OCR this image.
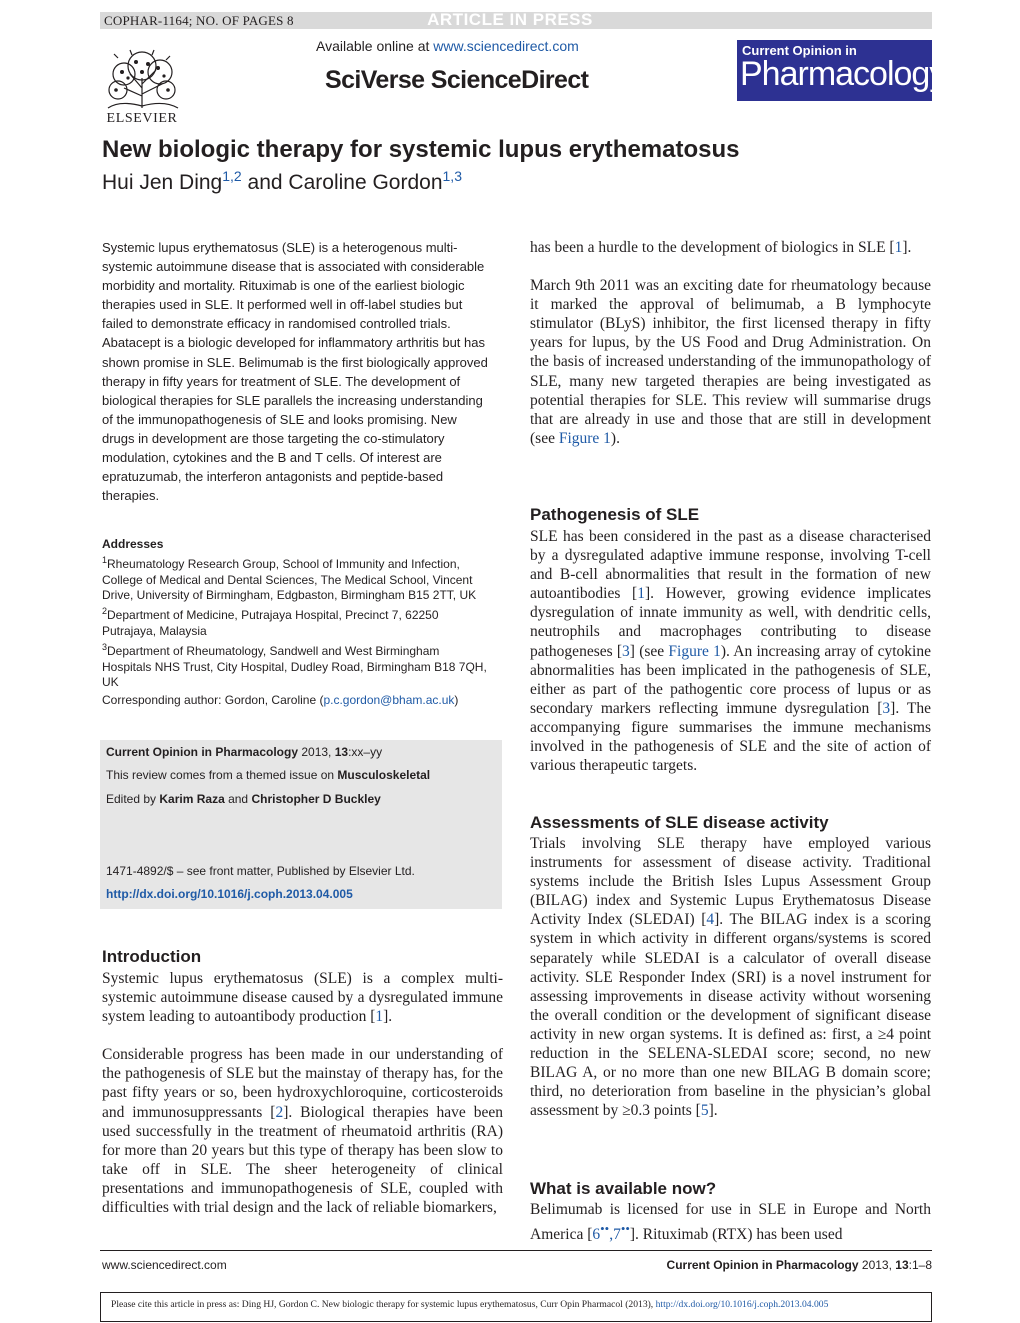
COPHAR-1164; NO. OF PAGES 8	ARTICLE IN PRESS
ELSEVIER
Available online at www.sciencedirect.com
SciVerse ScienceDirect
Current Opinion in
Pharmacology
New biologic therapy for systemic lupus erythematosus
Hui Jen Ding$^{1,2}$ and Caroline Gordon$^{1,3}$

Systemic lupus erythematosus (SLE) is a heterogenous multi-systemic autoimmune disease that is associated with considerable morbidity and mortality. Rituximab is one of the earliest biologic therapies used in SLE. It performed well in off-label studies but failed to demonstrate efficacy in randomised controlled trials. Abatacept is a biologic developed for inflammatory arthritis but has shown promise in SLE. Belimumab is the first biologically approved therapy in fifty years for treatment of SLE. The development of biological therapies for SLE parallels the increasing understanding of the immunopathogenesis of SLE and looks promising. New drugs in development are those targeting the co-stimulatory modulation, cytokines and the B and T cells. Of interest are epratuzumab, the interferon antagonists and peptide-based therapies.

Addresses

$^1$Rheumatology Research Group, School of Immunity and Infection, College of Medical and Dental Sciences, The Medical School, Vincent Drive, University of Birmingham, Edgbaston, Birmingham B15 2TT, UK

$^2$Department of Medicine, Putrajaya Hospital, Precinct 7, 62250 Putrajaya, Malaysia

$^3$Department of Rheumatology, Sandwell and West Birmingham Hospitals NHS Trust, City Hospital, Dudley Road, Birmingham B18 7QH, UK

Corresponding author: Gordon, Caroline (p.c.gordon@bham.ac.uk)
Current Opinion in Pharmacology 2013, 13:xx–yy
This review comes from a themed issue on Musculoskeletal
Edited by Karim Raza and Christopher D Buckley
1471-4892/$ – see front matter, Published by Elsevier Ltd.
http://dx.doi.org/10.1016/j.coph.2013.04.005
Introduction

Systemic lupus erythematosus (SLE) is a complex multi-systemic autoimmune disease caused by a dysregulated immune system leading to autoantibody production [1].

Considerable progress has been made in our understanding of the pathogenesis of SLE but the mainstay of therapy has, for the past fifty years or so, been hydroxychloroquine, corticosteroids and immunosuppressants [2]. Biological therapies have been used successfully in the treatment of rheumatoid arthritis (RA) for more than 20 years but this type of therapy has been slow to take off in SLE. The sheer heterogeneity of clinical presentations and immunopathogenesis of SLE, coupled with difficulties with trial design and the lack of reliable biomarkers,

has been a hurdle to the development of biologics in SLE [1].

March 9th 2011 was an exciting date for rheumatology because it marked the approval of belimumab, a B lymphocyte stimulator (BLyS) inhibitor, the first licensed therapy in fifty years for lupus, by the US Food and Drug Administration. On the basis of increased understanding of the immunopathology of SLE, many new targeted therapies are being investigated as potential therapies for SLE. This review will summarise drugs that are already in use and those that are still in development (see Figure 1).

Pathogenesis of SLE

SLE has been considered in the past as a disease characterised by a dysregulated adaptive immune response, involving T-cell and B-cell abnormalities that result in the formation of new autoantibodies [1]. However, growing evidence implicates dysregulation of innate immunity as well, with dendritic cells, neutrophils and macrophages contributing to disease pathogeneses [3] (see Figure 1). An increasing array of cytokine abnormalities has been implicated in the pathogenesis of SLE, either as part of the pathogentic core process of lupus or as secondary markers reflecting immune dysregulation [3]. The accompanying figure summarises the immune mechanisms involved in the pathogenesis of SLE and the site of action of various therapeutic targets.

Assessments of SLE disease activity

Trials involving SLE therapy have employed various instruments for assessment of disease activity. Traditional systems include the British Isles Lupus Assessment Group (BILAG) index and Systemic Lupus Erythematosus Disease Activity Index (SLEDAI) [4]. The BILAG index is a scoring system in which activity in different organs/systems is scored separately while SLEDAI is a calculator of overall disease activity. SLE Responder Index (SRI) is a novel instrument for assessing improvements in disease activity without worsening the overall condition or the development of significant disease activity in new organ systems. It is defined as: first, a ≥4 point reduction in the SELENA-SLEDAI score; second, no new BILAG A, or no more than one new BILAG B domain score; third, no deterioration from baseline in the physician’s global assessment by ≥0.3 points [5].

What is available now?

Belimumab is licensed for use in SLE in Europe and North America [6••,7••]. Rituximab (RTX) has been used

www.sciencedirect.com	Current Opinion in Pharmacology 2013, 13:1–8
Please cite this article in press as: Ding HJ, Gordon C. New biologic therapy for systemic lupus erythematosus, Curr Opin Pharmacol (2013), http://dx.doi.org/10.1016/j.coph.2013.04.005
